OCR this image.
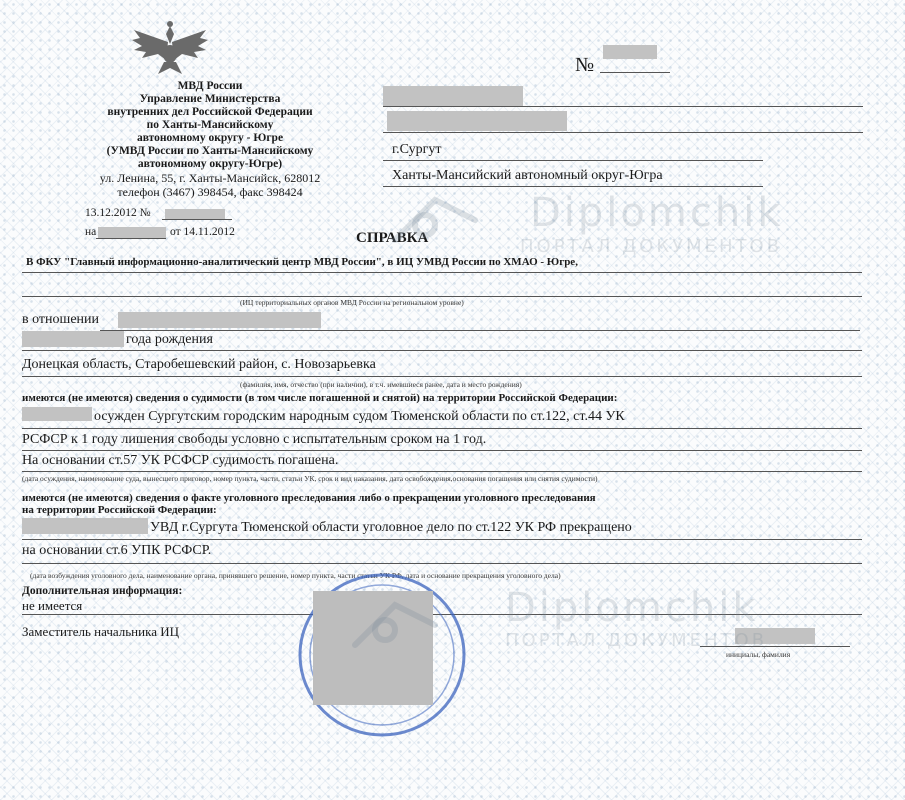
МВД России
Управление Министерства
внутренних дел Российской Федерации
по Ханты-Мансийскому
автономному округу - Югре
(УМВД России по Ханты-Мансийскому
автономному округу-Югре)
ул. Ленина, 55, г. Ханты-Мансийск, 628012
телефон (3467) 398454, факс 398424
13.12.2012 №
на	от 14.11.2012
№
г.Сургут
Ханты-Мансийский автономный округ-Югра
СПРАВКА
В ФКУ "Главный информационно-аналитический центр МВД России", в ИЦ УМВД России по ХМАО - Югре,
(ИЦ территориальных органов МВД России на региональном уровне)
в отношении
года рождения
Донецкая область, Старобешевский район, с. Новозарьевка
(фамилия, имя, отчество (при наличии), в т.ч. имевшиеся ранее, дата и место рождения)
имеются (не имеются) сведения о судимости (в том числе погашенной и снятой) на территории Российской Федерации:
осужден Сургутским городским народным судом Тюменской области по ст.122, ст.44 УК
РСФСР к 1 году лишения свободы условно с испытательным сроком на 1 год.
На основании ст.57 УК РСФСР судимость погашена.
(дата осуждения, наименование суда, вынесшего приговор, номер пункта, части, статьи УК, срок и вид наказания, дата освобождения,основания погашения или снятия судимости)
имеются (не имеются) сведения о факте уголовного преследования либо о прекращении уголовного преследования
на территории Российской Федерации:
УВД г.Сургута Тюменской области уголовное дело по ст.122 УК РФ прекращено
на основании ст.6 УПК РСФСР.
(дата возбуждения уголовного дела, наименование органа, принявшего решение, номер пункта, части статьи УК РФ, дата и основание прекращения уголовного дела)
Дополнительная информация:
не имеется
Заместитель начальника ИЦ
инициалы, фамилия
Diplomchik
ПОРТАЛ ДОКУМЕНТОВ
Diplomchik
ПОРТАЛ ДОКУМЕНТОВ
